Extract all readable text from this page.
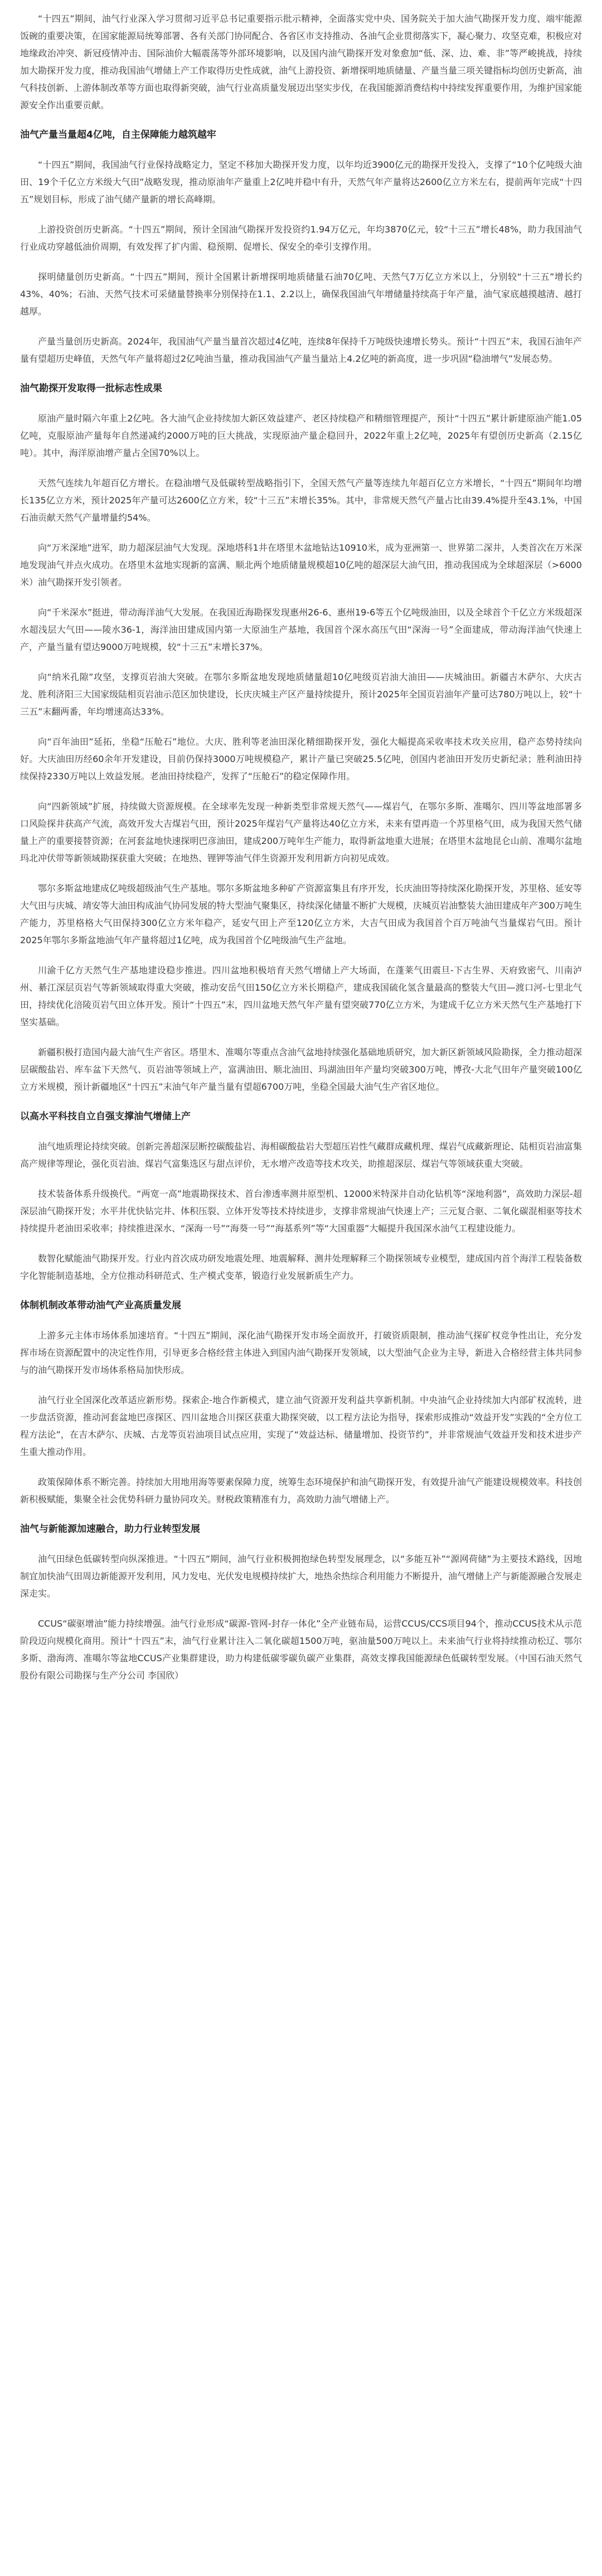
“十四五”期间，油气行业深入学习贯彻习近平总书记重要指示批示精神，全面落实党中央、国务院关于加大油气勘探开发力度、端牢能源饭碗的重要决策，在国家能源局统筹部署、各有关部门协同配合、各省区市支持推动、各油气企业贯彻落实下，凝心聚力、攻坚克难，积极应对地缘政治冲突、新冠疫情冲击、国际油价大幅震荡等外部环境影响，以及国内油气勘探开发对象愈加“低、深、边、难、非”等严峻挑战，持续加大勘探开发力度，推动我国油气增储上产工作取得历史性成就，油气上游投资、新增探明地质储量、产量当量三项关键指标均创历史新高，油气科技创新、上游体制改革等方面也取得新突破，油气行业高质量发展迈出坚实步伐，在我国能源消费结构中持续发挥重要作用，为维护国家能源安全作出重要贡献。

油气产量当量超4亿吨，自主保障能力越筑越牢

“十四五”期间，我国油气行业保持战略定力，坚定不移加大勘探开发力度，以年均近3900亿元的勘探开发投入，支撑了“10个亿吨级大油田、19个千亿立方米级大气田”战略发现，推动原油年产量重上2亿吨并稳中有升，天然气年产量将达2600亿立方米左右，提前两年完成“十四五”规划目标，形成了油气储产量新的增长高峰期。

上游投资创历史新高。“十四五”期间，预计全国油气勘探开发投资约1.94万亿元，年均3870亿元，较“十三五”增长48%，助力我国油气行业成功穿越低油价周期，有效发挥了扩内需、稳预期、促增长、保安全的牵引支撑作用。

探明储量创历史新高。“十四五”期间，预计全国累计新增探明地质储量石油70亿吨、天然气7万亿立方米以上，分别较“十三五”增长约43%、40%；石油、天然气技术可采储量替换率分别保持在1.1、2.2以上，确保我国油气年增储量持续高于年产量，油气家底越摸越清、越打越厚。

产量当量创历史新高。2024年，我国油气产量当量首次超过4亿吨，连续8年保持千万吨级快速增长势头。预计“十四五”末，我国石油年产量有望超历史峰值，天然气年产量将超过2亿吨油当量，推动我国油气产量当量站上4.2亿吨的新高度，进一步巩固“稳油增气”发展态势。

油气勘探开发取得一批标志性成果

原油产量时隔六年重上2亿吨。各大油气企业持续加大新区效益建产、老区持续稳产和精细管理提产，预计“十四五”累计新建原油产能1.05亿吨，克服原油产量每年自然递减约2000万吨的巨大挑战，实现原油产量企稳回升，2022年重上2亿吨，2025年有望创历史新高（2.15亿吨）。其中，海洋原油增产量占全国70%以上。

天然气连续九年超百亿方增长。在稳油增气及低碳转型战略指引下，全国天然气产量等连续九年超百亿立方米增长，“十四五”期间年均增长135亿立方米，预计2025年产量可达2600亿立方米，较“十三五”末增长35%。其中，非常规天然气产量占比由39.4%提升至43.1%，中国石油贡献天然气产量增量约54%。

向“万米深地”进军，助力超深层油气大发现。深地塔科1井在塔里木盆地钻达10910米，成为亚洲第一、世界第二深井，人类首次在万米深地发现油气并点火成功。在塔里木盆地实现新的富满、顺北两个地质储量规模超10亿吨的超深层大油气田，推动我国成为全球超深层（>6000米）油气勘探开发引领者。

向“千米深水”挺进，带动海洋油气大发展。在我国近海勘探发现惠州26-6、惠州19-6等五个亿吨级油田，以及全球首个千亿立方米级超深水超浅层大气田——陵水36-1，海洋油田建成国内第一大原油生产基地，我国首个深水高压气田“深海一号”全面建成，带动海洋油气快速上产，产量当量有望达9000万吨规模，较“十三五”末增长37%。

向“纳米孔隙”攻坚，支撑页岩油大突破。在鄂尔多斯盆地发现地质储量超10亿吨级页岩油大油田——庆城油田。新疆吉木萨尔、大庆古龙、胜利济阳三大国家级陆相页岩油示范区加快建设，长庆庆城主产区产量持续提升，预计2025年全国页岩油年产量可达780万吨以上，较“十三五”末翻两番，年均增速高达33%。

向“百年油田”延拓，坐稳“压舱石”地位。大庆、胜利等老油田深化精细勘探开发，强化大幅提高采收率技术攻关应用，稳产态势持续向好。大庆油田历经60余年开发建设，目前仍保持3000万吨规模稳产，累计产量已突破25.5亿吨，创国内老油田开发历史新纪录；胜利油田持续保持2330万吨以上效益发展。老油田持续稳产，发挥了“压舱石”的稳定保障作用。

向“四新领域”扩展，持续做大资源规模。在全球率先发现一种新类型非常规天然气——煤岩气，在鄂尔多斯、准噶尔、四川等盆地部署多口风险探井获高产气流，高效开发大吉煤岩气田，预计2025年煤岩气产量将达40亿立方米，未来有望再造一个苏里格气田，成为我国天然气储量上产的重要接替资源；在河套盆地快速探明巴彦油田，建成200万吨年生产能力，取得新盆地重大进展；在塔里木盆地昆仑山前、准噶尔盆地玛北冲伏带等新领域勘探获重大突破；在地热、锂钾等油气伴生资源开发利用新方向初见成效。

鄂尔多斯盆地建成亿吨级超级油气生产基地。鄂尔多斯盆地多种矿产资源富集且有序开发，长庆油田等持续深化勘探开发，苏里格、延安等大气田与庆城、靖安等大油田构成油气协同发展的特大型油气聚集区，持续深化储量不断扩大规模，庆城页岩油整装大油田建成年产300万吨生产能力，苏里格格大气田保持300亿立方米年稳产，延安气田上产至120亿立方米，大吉气田成为我国首个百万吨油气当量煤岩气田。预计2025年鄂尔多斯盆地油气年产量将超过1亿吨，成为我国首个亿吨级油气生产盆地。

川渝千亿方天然气生产基地建设稳步推进。四川盆地积极培育天然气增储上产大场面，在蓬莱气田震旦-下古生界、天府致密气、川南泸州、綦江深层页岩气等新领域取得重大突破，推动安岳气田150亿立方米长期稳产，建成我国硫化氢含量最高的整装大气田—渡口河-七里北气田，持续优化涪陵页岩气田立体开发。预计“十四五”末，四川盆地天然气年产量有望突破770亿立方米，为建成千亿立方米天然气生产基地打下坚实基础。

新疆积极打造国内最大油气生产省区。塔里木、准噶尔等重点含油气盆地持续强化基础地质研究，加大新区新领域风险勘探，全力推动超深层碳酸盐岩、库车盆下天然气、页岩油等领域上产，富满油田、顺北油田、玛湖油田年产量均突破300万吨，博孜-大北气田年产量突破100亿立方米规模，预计新疆地区“十四五”末油气年产量当量有望超6700万吨，坐稳全国最大油气生产省区地位。

以高水平科技自立自强支撑油气增储上产

油气地质理论持续突破。创新完善超深层断控碳酸盐岩、海相碳酸盐岩大型超压岩性气藏群成藏机理、煤岩气成藏新理论、陆相页岩油富集高产规律等理论，强化页岩油、煤岩气富集选区与甜点评价，无水增产改造等技术攻关，助推超深层、煤岩气等领域获重大突破。

技术装备体系升级换代。“两宽一高”地震勘探技术、首台渗透率测井原型机、12000米特深井自动化钻机等“深地利器”，高效助力深层-超深层油气勘探开发；水平井优快钻完井、体积压裂、立体开发等技术持续进步，支撑非常规油气快速上产；三元复合驱、二氧化碳混相驱等技术持续提升老油田采收率；持续推进深水、“深海一号”“海葵一号”“海基系列”等“大国重器”大幅提升我国深水油气工程建设能力。

数智化赋能油气勘探开发。行业内首次成功研发地震处理、地震解释、测井处理解释三个勘探领域专业模型，建成国内首个海洋工程装备数字化智能制造基地，全方位推动科研范式、生产模式变革，锻造行业发展新质生产力。

体制机制改革带动油气产业高质量发展

上游多元主体市场体系加速培育。“十四五”期间，深化油气勘探开发市场全面放开，打破资质限制，推动油气探矿权竞争性出让，充分发挥市场在资源配置中的决定性作用，引导更多合格经营主体进入到国内油气勘探开发领域，以大型油气企业为主导，新进入合格经营主体共同参与的油气勘探开发市场体系格局加快形成。

油气行业全国深化改革适应新形势。探索企-地合作新模式，建立油气资源开发利益共享新机制。中央油气企业持续加大内部矿权流转，进一步盘活资源，推动河套盆地巴彦探区、四川盆地合川探区获重大勘探突破，以工程方法论为指导，探索形成推动“效益开发”实践的“全方位工程方法论”，在吉木萨尔、庆城、古龙等页岩油项目试点应用，实现了“效益达标、储量增加、投资节约”，并非常规油气效益开发和技术进步产生重大推动作用。

政策保障体系不断完善。持续加大用地用海等要素保障力度，统筹生态环境保护和油气勘探开发，有效提升油气产能建设规模效率。科技创新积极赋能，集聚全社会优势科研力量协同攻关。财税政策精准有力，高效助力油气增储上产。

油气与新能源加速融合，助力行业转型发展

油气田绿色低碳转型向纵深推进。“十四五”期间，油气行业积极拥抱绿色转型发展理念，以“多能互补”“源网荷储”为主要技术路线，因地制宜加快油气田周边新能源开发利用，风力发电、光伏发电规模持续扩大，地热余热综合利用能力不断提升，油气增储上产与新能源融合发展走深走实。

CCUS“碳驱增油”能力持续增强。油气行业形成“碳源-管网-封存一体化”全产业链布局，运营CCUS/CCS项目94个，推动CCUS技术从示范阶段迈向规模化商用。预计“十四五”末，油气行业累计注入二氧化碳超1500万吨，驱油量500万吨以上。未来油气行业将持续推动松辽、鄂尔多斯、渤海湾、准噶尔等盆地CCUS产业集群建设，助力构建低碳零碳负碳产业集群，高效支撑我国能源绿色低碳转型发展。（中国石油天然气股份有限公司勘探与生产分公司 李国欣）
